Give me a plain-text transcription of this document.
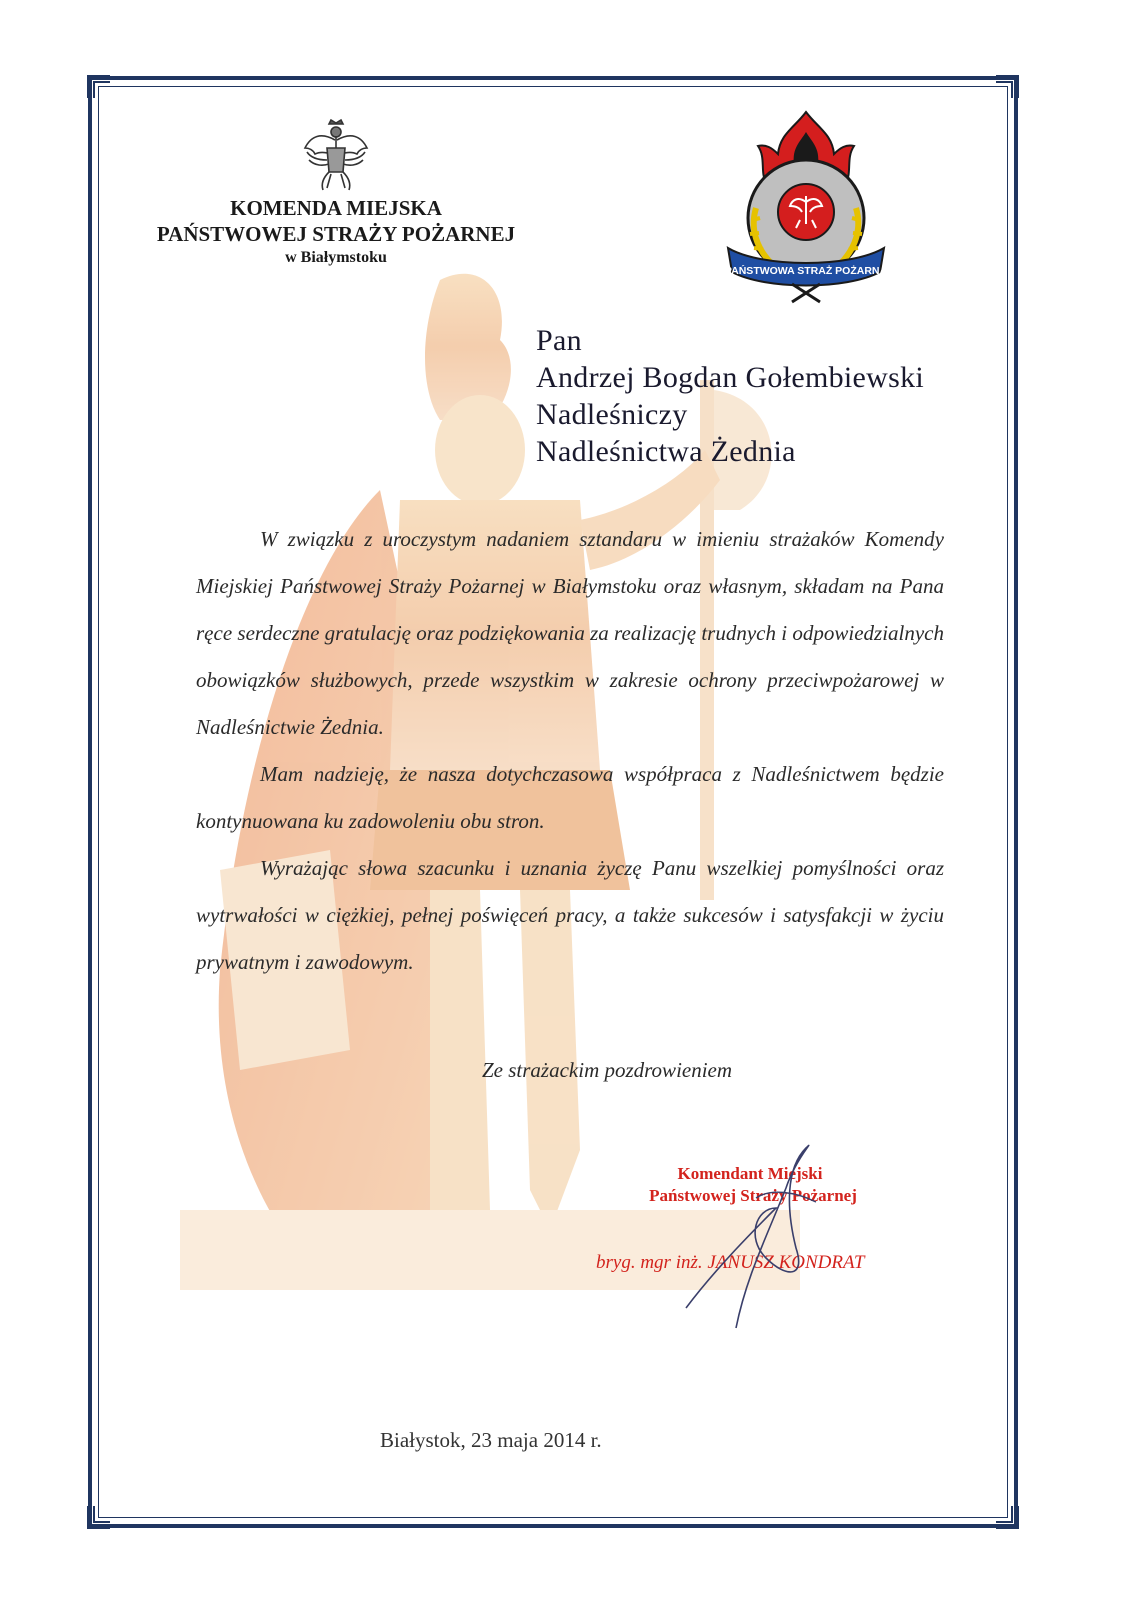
KOMENDA MIEJSKA
PAŃSTWOWEJ STRAŻY POŻARNEJ
w Białymstoku
PAŃSTWOWA STRAŻ POŻARNA
Pan
Andrzej Bogdan Gołembiewski
Nadleśniczy
Nadleśnictwa Żednia

W związku z uroczystym nadaniem sztandaru w imieniu strażaków Komendy Miejskiej Państwowej Straży Pożarnej w Białymstoku oraz własnym, składam na Pana ręce serdeczne gratulację oraz podziękowania za realizację trudnych i odpowiedzialnych obowiązków służbowych, przede wszystkim w zakresie ochrony przeciwpożarowej w Nadleśnictwie Żednia.

Mam nadzieję, że nasza dotychczasowa współpraca z Nadleśnictwem będzie kontynuowana ku zadowoleniu obu stron.

Wyrażając słowa szacunku i uznania życzę Panu wszelkiej pomyślności oraz wytrwałości w ciężkiej, pełnej poświęceń pracy, a także sukcesów i satysfakcji w życiu prywatnym i zawodowym.

Ze strażackim pozdrowieniem
Komendant Miejski
Państwowej Straży Pożarnej
bryg. mgr inż. JANUSZ KONDRAT
Białystok, 23 maja 2014 r.
